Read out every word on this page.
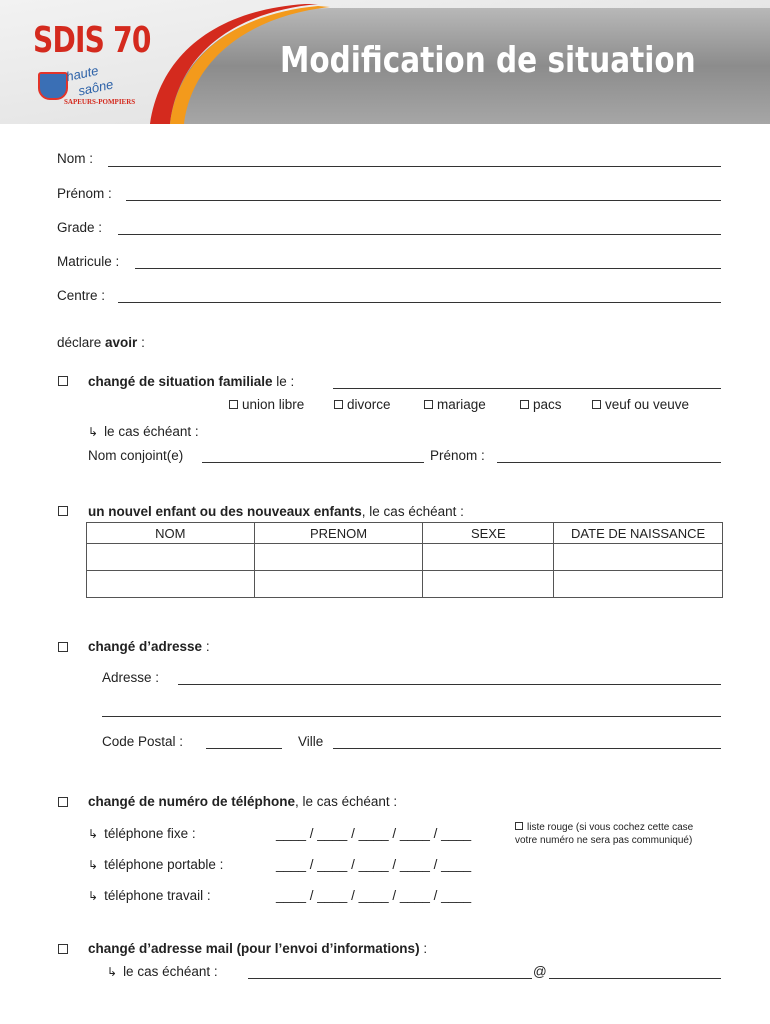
SDIS 70
haute
saône
SAPEURS-POMPIERS
Modification de situation
Nom :
Prénom :
Grade :
Matricule :
Centre :
déclare avoir :
changé de situation familiale le :
union libre	divorce	mariage	pacs	veuf ou veuve
↳ le cas échéant :
Nom conjoint(e)	Prénom :
un nouvel enfant ou des nouveaux enfants, le cas échéant :
NOM	PRENOM	SEXE	DATE DE NAISSANCE

changé d’adresse :
Adresse :
Code Postal :	Ville
changé de numéro de téléphone, le cas échéant :
↳ téléphone fixe :	____ / ____ / ____ / ____ / ____	liste rouge (si vous cochez cette case
votre numéro ne sera pas communiqué)
↳ téléphone portable :	____ / ____ / ____ / ____ / ____
↳ téléphone travail :	____ / ____ / ____ / ____ / ____
changé d’adresse mail (pour l’envoi d’informations) :
↳ le cas échéant :	@
